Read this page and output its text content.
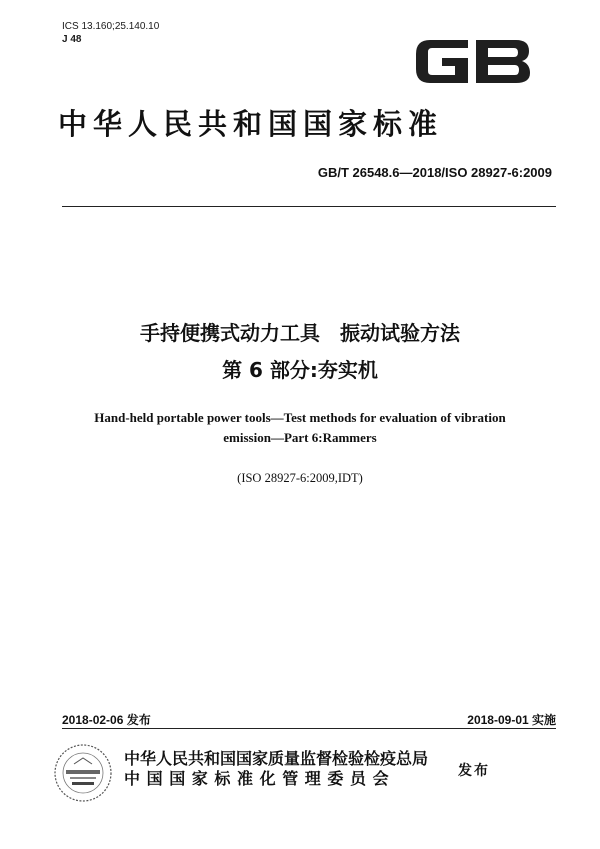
ICS 13.160;25.140.10
J 48
中华人民共和国国家标准
GB/T 26548.6—2018/ISO 28927-6:2009
手持便携式动力工具　振动试验方法
第 6 部分:夯实机
Hand-held portable power tools—Test methods for evaluation of vibration
emission—Part 6:Rammers
(ISO 28927-6:2009,IDT)
2018-02-06 发布	2018-09-01 实施
中华人民共和国国家质量监督检验检疫总局
中国国家标准化管理委员会	发布
